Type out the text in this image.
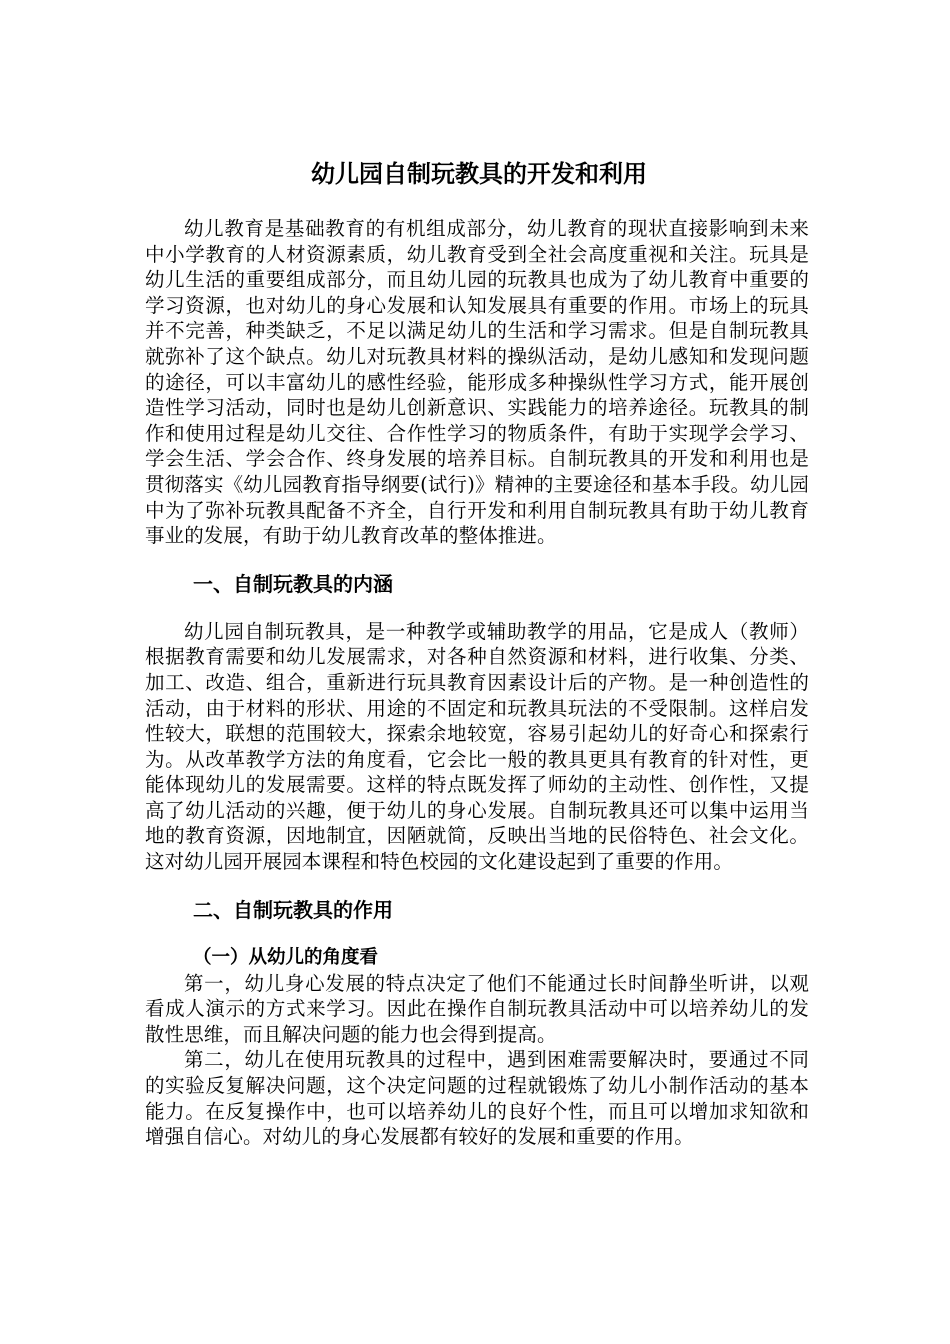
幼儿园自制玩教具的开发和利用

幼儿教育是基础教育的有机组成部分，幼儿教育的现状直接影响到未来中小学教育的人材资源素质，幼儿教育受到全社会高度重视和关注。玩具是幼儿生活的重要组成部分，而且幼儿园的玩教具也成为了幼儿教育中重要的学习资源，也对幼儿的身心发展和认知发展具有重要的作用。市场上的玩具并不完善，种类缺乏，不足以满足幼儿的生活和学习需求。但是自制玩教具就弥补了这个缺点。幼儿对玩教具材料的操纵活动，是幼儿感知和发现问题的途径，可以丰富幼儿的感性经验，能形成多种操纵性学习方式，能开展创造性学习活动，同时也是幼儿创新意识、实践能力的培养途径。玩教具的制作和使用过程是幼儿交往、合作性学习的物质条件，有助于实现学会学习、学会生活、学会合作、终身发展的培养目标。自制玩教具的开发和利用也是贯彻落实《幼儿园教育指导纲要(试行)》精神的主要途径和基本手段。幼儿园中为了弥补玩教具配备不齐全，自行开发和利用自制玩教具有助于幼儿教育事业的发展，有助于幼儿教育改革的整体推进。

一、自制玩教具的内涵

幼儿园自制玩教具，是一种教学或辅助教学的用品，它是成人（教师）根据教育需要和幼儿发展需求，对各种自然资源和材料，进行收集、分类、加工、改造、组合，重新进行玩具教育因素设计后的产物。是一种创造性的活动，由于材料的形状、用途的不固定和玩教具玩法的不受限制。这样启发性较大，联想的范围较大，探索余地较宽，容易引起幼儿的好奇心和探索行为。从改革教学方法的角度看，它会比一般的教具更具有教育的针对性，更能体现幼儿的发展需要。这样的特点既发挥了师幼的主动性、创作性，又提高了幼儿活动的兴趣，便于幼儿的身心发展。自制玩教具还可以集中运用当地的教育资源，因地制宜，因陋就简，反映出当地的民俗特色、社会文化。这对幼儿园开展园本课程和特色校园的文化建设起到了重要的作用。

二、自制玩教具的作用
（一）从幼儿的角度看

第一，幼儿身心发展的特点决定了他们不能通过长时间静坐听讲，以观看成人演示的方式来学习。因此在操作自制玩教具活动中可以培养幼儿的发散性思维，而且解决问题的能力也会得到提高。

第二，幼儿在使用玩教具的过程中，遇到困难需要解决时，要通过不同的实验反复解决问题，这个决定问题的过程就锻炼了幼儿小制作活动的基本能力。在反复操作中，也可以培养幼儿的良好个性，而且可以增加求知欲和增强自信心。对幼儿的身心发展都有较好的发展和重要的作用。
